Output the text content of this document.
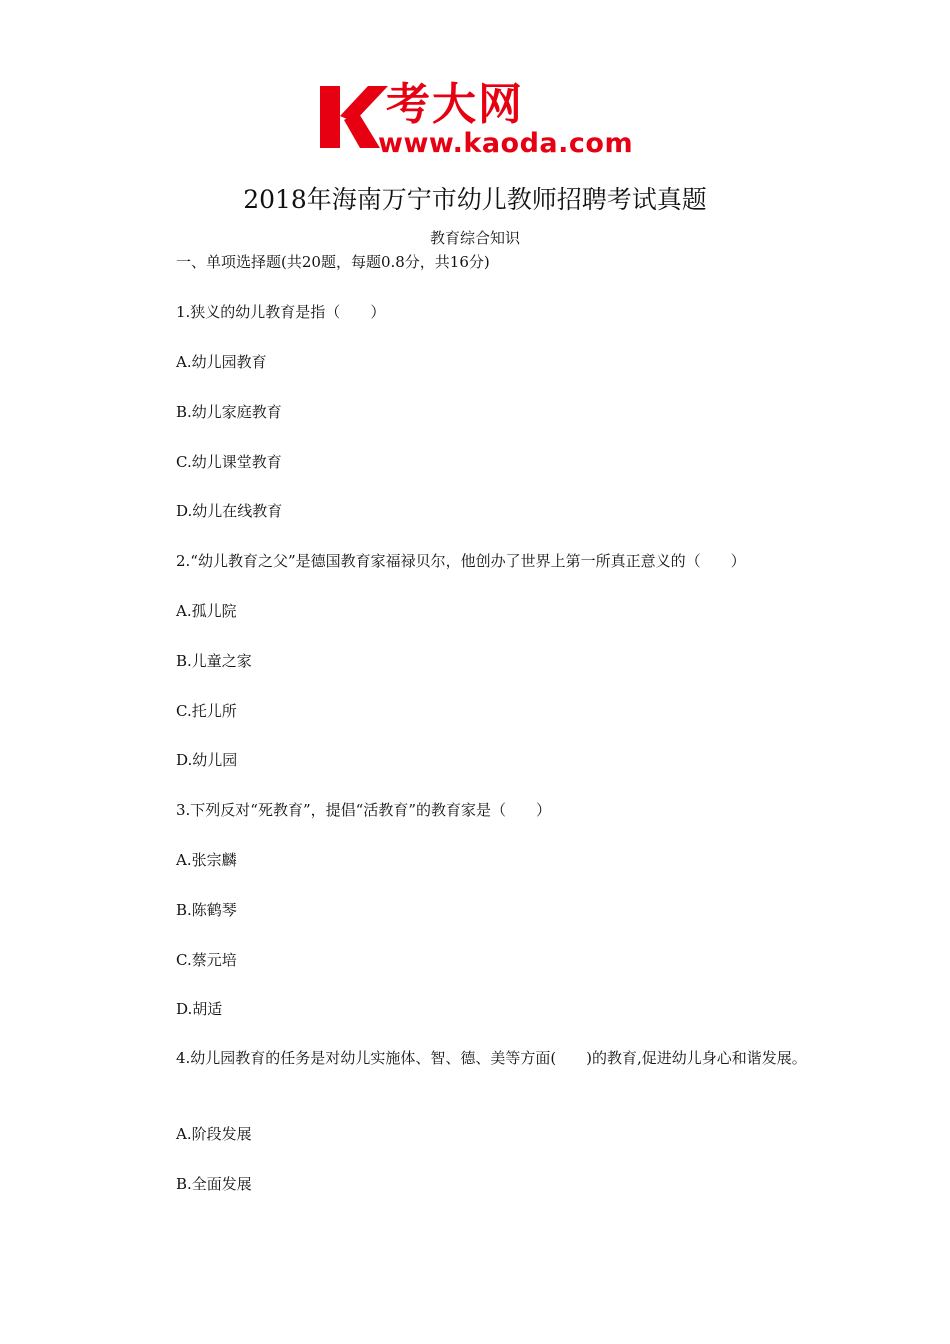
考大网
www.kaoda.com
2018年海南万宁市幼儿教师招聘考试真题
教育综合知识
一、单项选择题(共20题，每题0.8分，共16分)
1.狭义的幼儿教育是指（　　）
A.幼儿园教育
B.幼儿家庭教育
C.幼儿课堂教育
D.幼儿在线教育
2.“幼儿教育之父”是德国教育家福禄贝尔，他创办了世界上第一所真正意义的（　　）
A.孤儿院
B.儿童之家
C.托儿所
D.幼儿园
3.下列反对“死教育”，提倡“活教育”的教育家是（　　）
A.张宗麟
B.陈鹤琴
C.蔡元培
D.胡适
4.幼儿园教育的任务是对幼儿实施体、智、德、美等方面(　　)的教育,促进幼儿身心和谐发展。
A.阶段发展
B.全面发展
